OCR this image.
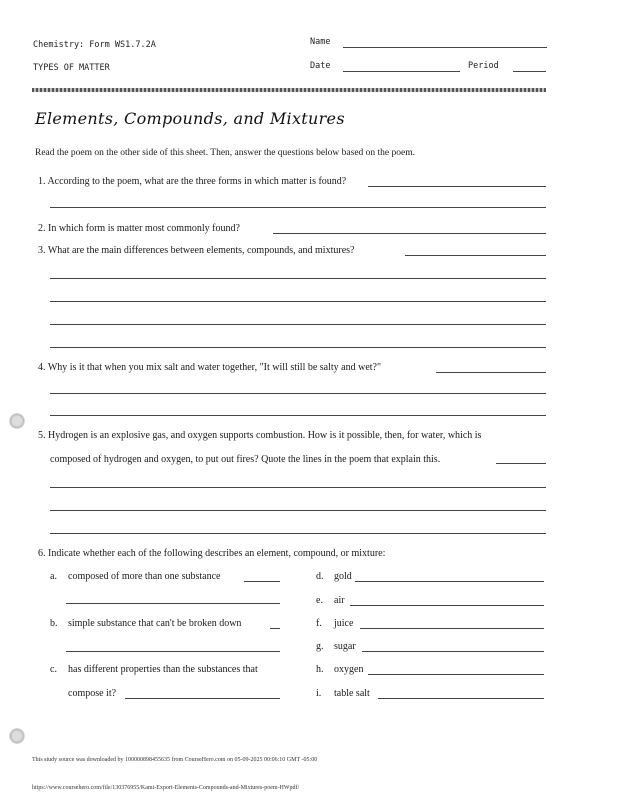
Chemistry: Form WS1.7.2A
TYPES OF MATTER
Name
Date	Period
Elements, Compounds, and Mixtures
Read the poem on the other side of this sheet. Then, answer the questions below based on the poem.
1. According to the poem, what are the three forms in which matter is found?
2. In which form is matter most commonly found?
3. What are the main differences between elements, compounds, and mixtures?
4. Why is it that when you mix salt and water together, "It will still be salty and wet?"
5. Hydrogen is an explosive gas, and oxygen supports combustion. How is it possible, then, for water, which is
composed of hydrogen and oxygen, to put out fires? Quote the lines in the poem that explain this.
6. Indicate whether each of the following describes an element, compound, or mixture:
a. composed of more than one substance
b. simple substance that can't be broken down
c. has different properties than the substances that
compose it?
d. gold
e. air
f. juice
g. sugar
h. oxygen
i. table salt
This study source was downloaded by 100000898455635 from CourseHero.com on 05-09-2025 00:06:10 GMT -05:00
https://www.coursehero.com/file/130376955/Kami-Export-Elements-Compounds-and-Mixtures-poem-HWpdf/
